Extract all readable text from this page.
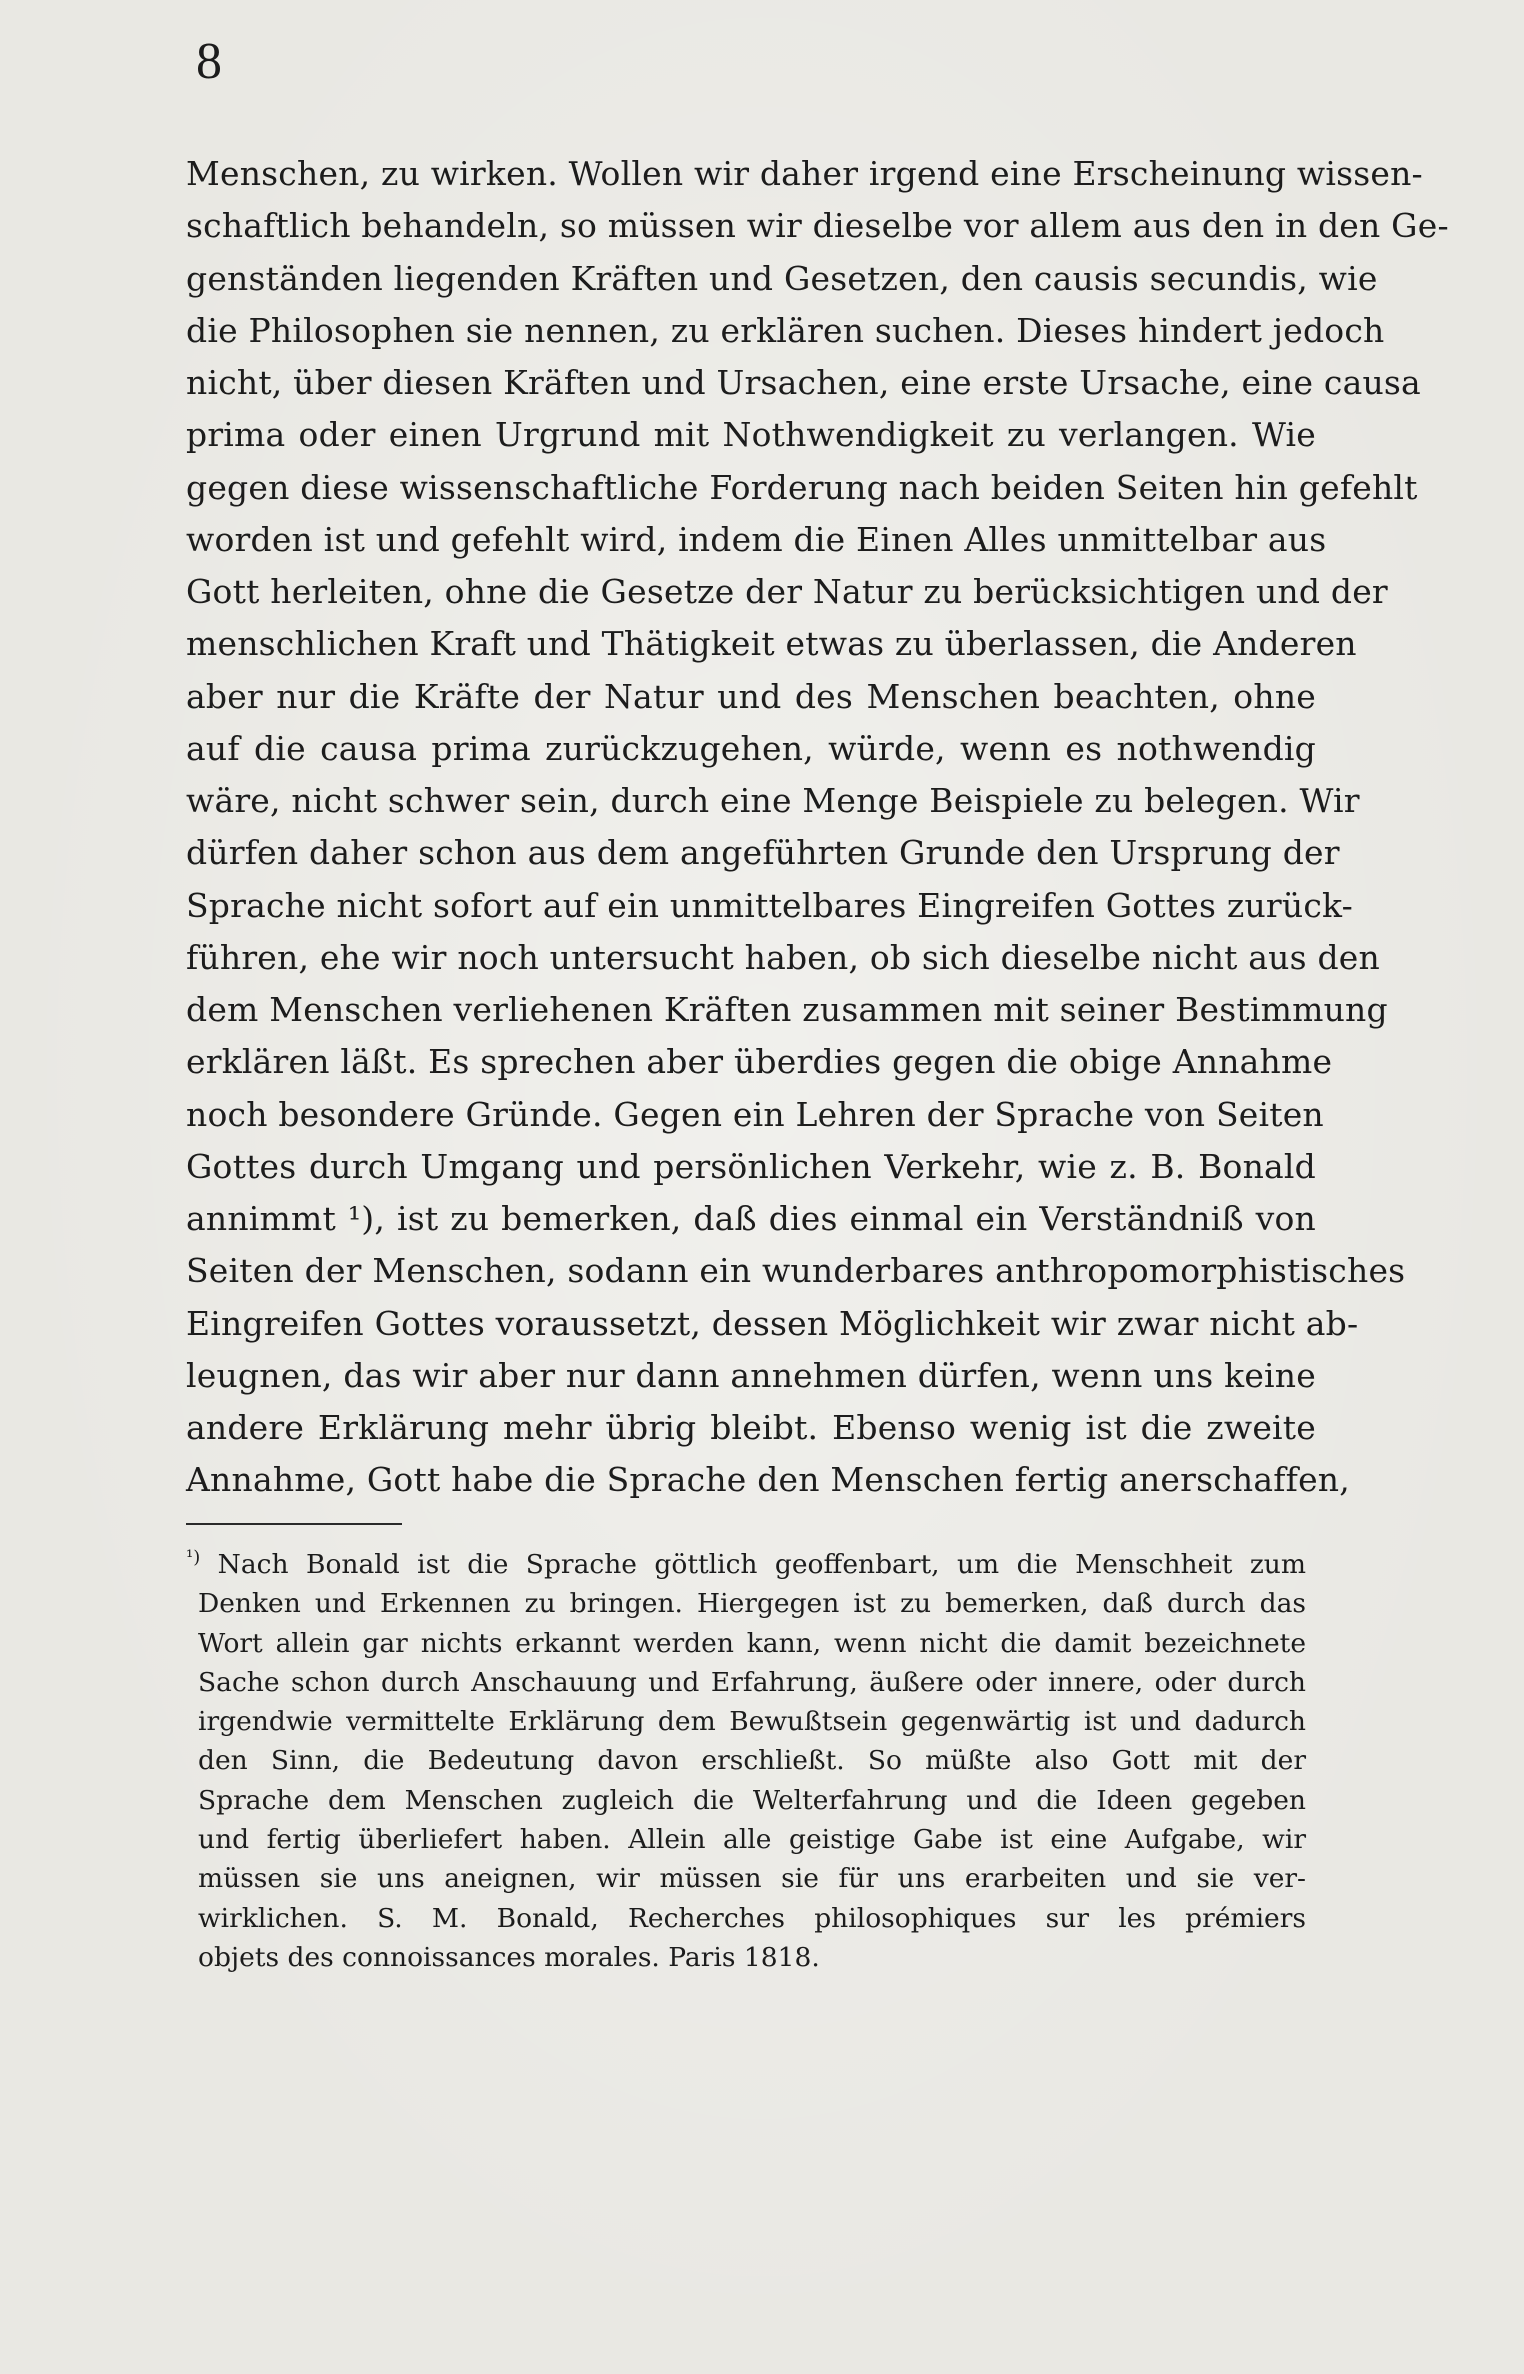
8
Menschen, zu wirken. Wollen wir daher irgend eine Erscheinung wissen-
schaftlich behandeln, so müssen wir dieselbe vor allem aus den in den Ge-
genständen liegenden Kräften und Gesetzen, den causis secundis, wie
die Philosophen sie nennen, zu erklären suchen. Dieses hindert jedoch
nicht, über diesen Kräften und Ursachen, eine erste Ursache, eine causa
prima oder einen Urgrund mit Nothwendigkeit zu verlangen. Wie
gegen diese wissenschaftliche Forderung nach beiden Seiten hin gefehlt
worden ist und gefehlt wird, indem die Einen Alles unmittelbar aus
Gott herleiten, ohne die Gesetze der Natur zu berücksichtigen und der
menschlichen Kraft und Thätigkeit etwas zu überlassen, die Anderen
aber nur die Kräfte der Natur und des Menschen beachten, ohne
auf die causa prima zurückzugehen, würde, wenn es nothwendig
wäre, nicht schwer sein, durch eine Menge Beispiele zu belegen. Wir
dürfen daher schon aus dem angeführten Grunde den Ursprung der
Sprache nicht sofort auf ein unmittelbares Eingreifen Gottes zurück-
führen, ehe wir noch untersucht haben, ob sich dieselbe nicht aus den
dem Menschen verliehenen Kräften zusammen mit seiner Bestimmung
erklären läßt. Es sprechen aber überdies gegen die obige Annahme
noch besondere Gründe. Gegen ein Lehren der Sprache von Seiten
Gottes durch Umgang und persönlichen Verkehr, wie z. B. Bonald
annimmt ¹), ist zu bemerken, daß dies einmal ein Verständniß von
Seiten der Menschen, sodann ein wunderbares anthropomorphistisches
Eingreifen Gottes voraussetzt, dessen Möglichkeit wir zwar nicht ab-
leugnen, das wir aber nur dann annehmen dürfen, wenn uns keine
andere Erklärung mehr übrig bleibt. Ebenso wenig ist die zweite
Annahme, Gott habe die Sprache den Menschen fertig anerschaffen,
$^{^1)}$ Nach Bonald ist die Sprache göttlich geoffenbart, um die Menschheit zum
Denken und Erkennen zu bringen. Hiergegen ist zu bemerken, daß durch das
Wort allein gar nichts erkannt werden kann, wenn nicht die damit bezeichnete
Sache schon durch Anschauung und Erfahrung, äußere oder innere, oder durch
irgendwie vermittelte Erklärung dem Bewußtsein gegenwärtig ist und dadurch
den Sinn, die Bedeutung davon erschließt. So müßte also Gott mit der
Sprache dem Menschen zugleich die Welterfahrung und die Ideen gegeben
und fertig überliefert haben. Allein alle geistige Gabe ist eine Aufgabe, wir
müssen sie uns aneignen, wir müssen sie für uns erarbeiten und sie ver-
wirklichen. S. M. Bonald, Recherches philosophiques sur les prémiers
objets des connoissances morales. Paris 1818.
